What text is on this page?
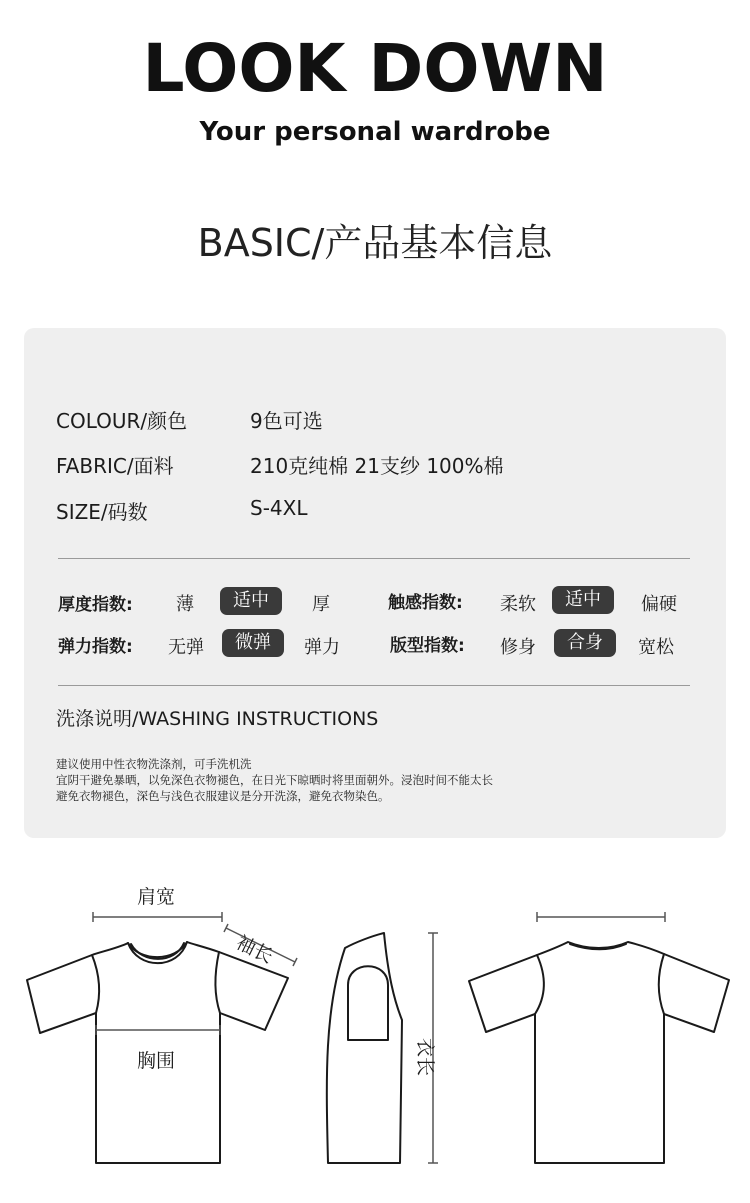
LOOK DOWN
Your personal wardrobe
BASIC/产品基本信息
COLOUR/颜色	9色可选
FABRIC/面料	210克纯棉 21支纱 100%棉
SIZE/码数	S-4XL
厚度指数: 薄	适中	厚	触感指数: 柔软	适中	偏硬
弹力指数: 无弹	微弹	弹力	版型指数: 修身	合身	宽松
洗涤说明/WASHING INSTRUCTIONS
建议使用中性衣物洗涤剂，可手洗机洗
宜阴干避免暴晒，以免深色衣物褪色，在日光下晾晒时将里面朝外。浸泡时间不能太长
避免衣物褪色，深色与浅色衣服建议是分开洗涤，避免衣物染色。
肩宽
袖长
胸围	衣长
